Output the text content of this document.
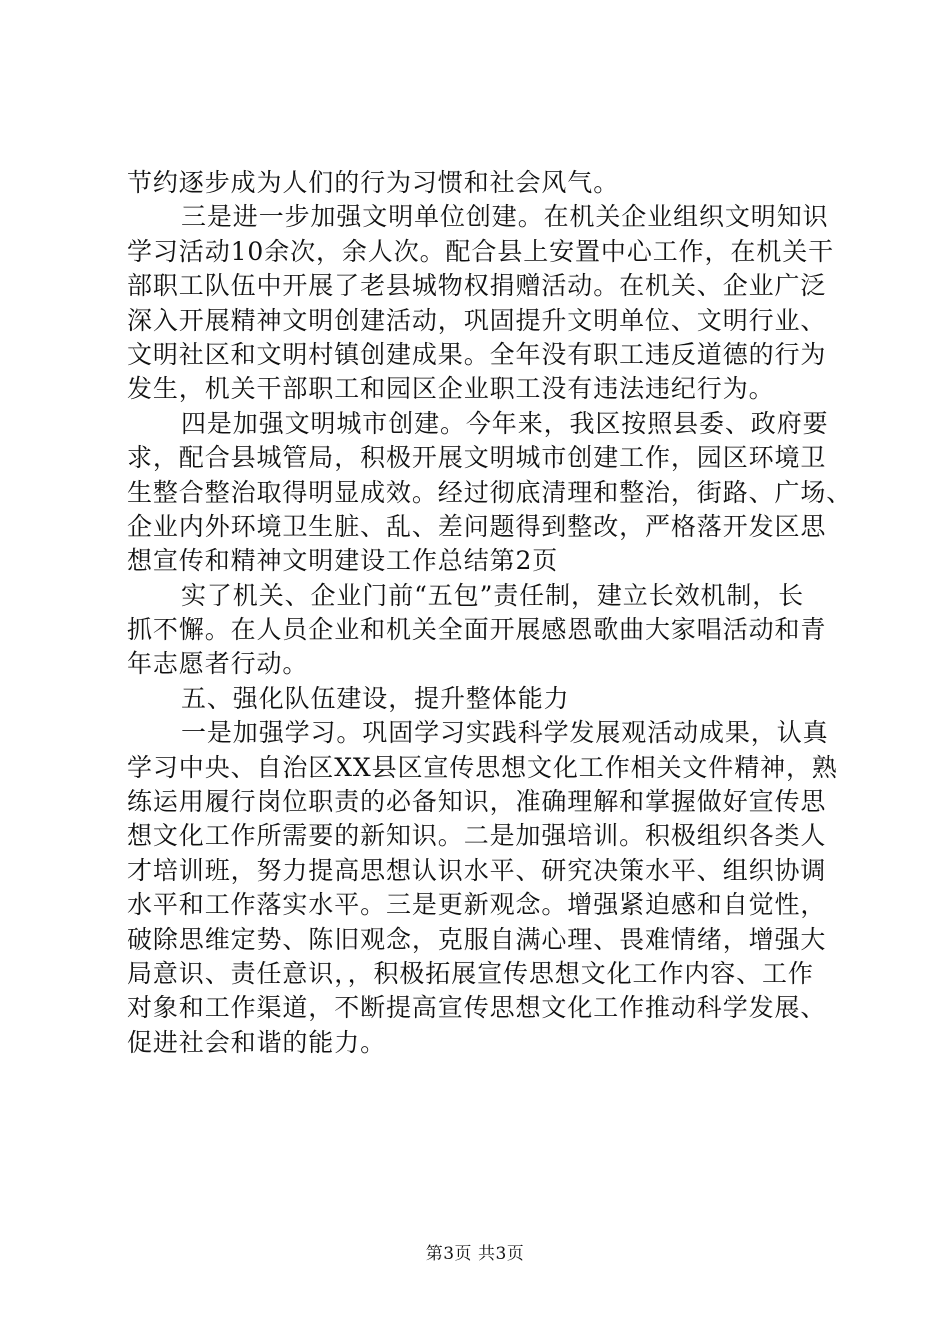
节约逐步成为人们的行为习惯和社会风气。
三是进一步加强文明单位创建。在机关企业组织文明知识
学习活动10余次，余人次。配合县上安置中心工作，在机关干
部职工队伍中开展了老县城物权捐赠活动。在机关、企业广泛
深入开展精神文明创建活动，巩固提升文明单位、文明行业、
文明社区和文明村镇创建成果。全年没有职工违反道德的行为
发生，机关干部职工和园区企业职工没有违法违纪行为。
四是加强文明城市创建。今年来，我区按照县委、政府要
求，配合县城管局，积极开展文明城市创建工作，园区环境卫
生整合整治取得明显成效。经过彻底清理和整治，街路、广场、
企业内外环境卫生脏、乱、差问题得到整改，严格落开发区思
想宣传和精神文明建设工作总结第2页
实了机关、企业门前“五包”责任制，建立长效机制，长
抓不懈。在人员企业和机关全面开展感恩歌曲大家唱活动和青
年志愿者行动。
五、强化队伍建设，提升整体能力
一是加强学习。巩固学习实践科学发展观活动成果，认真
学习中央、自治区XX县区宣传思想文化工作相关文件精神，熟
练运用履行岗位职责的必备知识，准确理解和掌握做好宣传思
想文化工作所需要的新知识。二是加强培训。积极组织各类人
才培训班，努力提高思想认识水平、研究决策水平、组织协调
水平和工作落实水平。三是更新观念。增强紧迫感和自觉性，
破除思维定势、陈旧观念，克服自满心理、畏难情绪，增强大
局意识、责任意识，，积极拓展宣传思想文化工作内容、工作
对象和工作渠道，不断提高宣传思想文化工作推动科学发展、
促进社会和谐的能力。
第3页 共3页
